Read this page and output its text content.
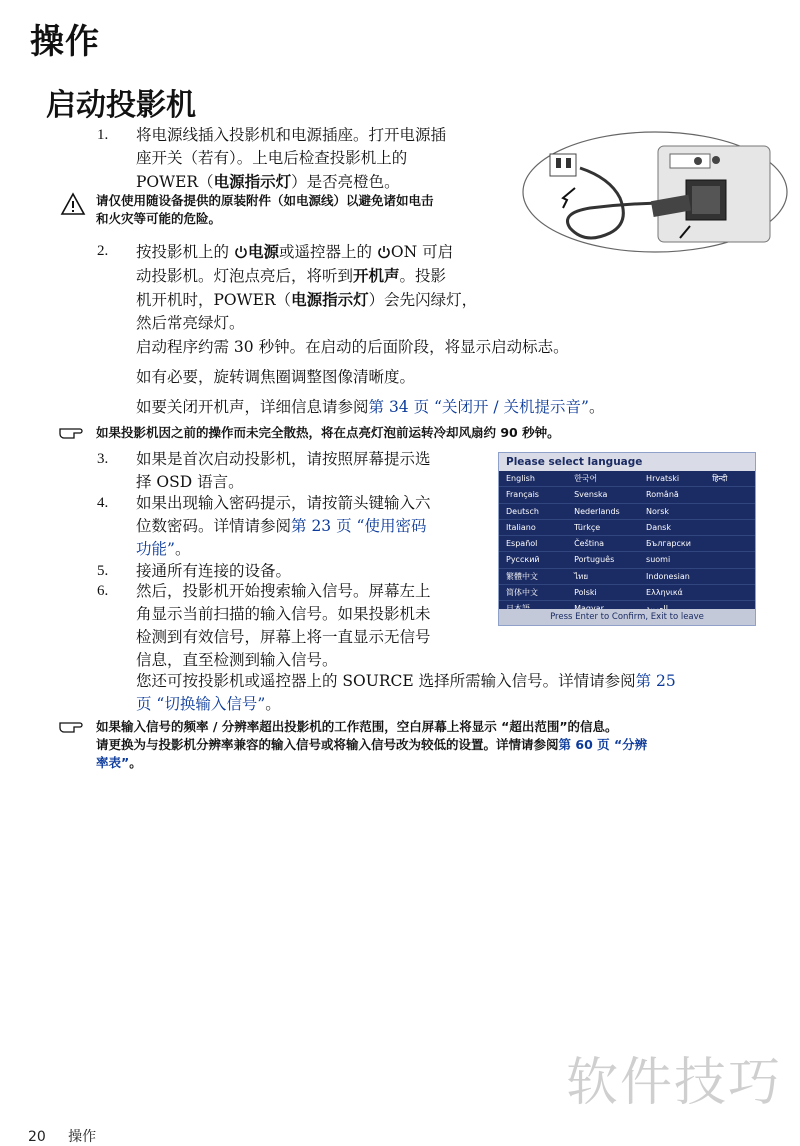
操作
启动投影机
1.	将电源线插入投影机和电源插座。打开电源插
座开关（若有）。上电后检查投影机上的
POWER（电源指示灯）是否亮橙色。
请仅使用随设备提供的原装附件（如电源线）以避免诸如电击
和火灾等可能的危险。
2.	按投影机上的 电源或遥控器上的 ON 可启
动投影机。灯泡点亮后，将听到开机声。投影
机开机时，POWER（电源指示灯）会先闪绿灯，
然后常亮绿灯。
启动程序约需 30 秒钟。在启动的后面阶段，将显示启动标志。
如有必要，旋转调焦圈调整图像清晰度。
如要关闭开机声，详细信息请参阅第 34 页 “关闭开 / 关机提示音”。
如果投影机因之前的操作而未完全散热，将在点亮灯泡前运转冷却风扇约 90 秒钟。
3.	如果是首次启动投影机，请按照屏幕提示选
择 OSD 语言。
4.	如果出现输入密码提示，请按箭头键输入六
位数密码。详情请参阅第 23 页 “使用密码
功能”。
5.	接通所有连接的设备。
6.	然后，投影机开始搜索输入信号。屏幕左上
角显示当前扫描的输入信号。如果投影机未
检测到有效信号，屏幕上将一直显示无信号
信息，直至检测到输入信号。
您还可按投影机或遥控器上的 SOURCE 选择所需输入信号。详情请参阅第 25
页 “切换输入信号”。
Please select language
English	한국어	Hrvatski	हिन्दी
Français	Svenska	Română
Deutsch	Nederlands	Norsk
Italiano	Türkçe	Dansk
Español	Čeština	Български
Русский	Português	suomi
繁體中文	ไทย	Indonesian
简体中文	Polski	Ελληνικά
Press Enter to Confirm, Exit to leave
如果输入信号的频率 / 分辨率超出投影机的工作范围，空白屏幕上将显示 “超出范围”的信息。
请更换为与投影机分辨率兼容的输入信号或将输入信号改为较低的设置。详情请参阅第 60 页 “分辨
率表”。
软件技巧
20 操作
